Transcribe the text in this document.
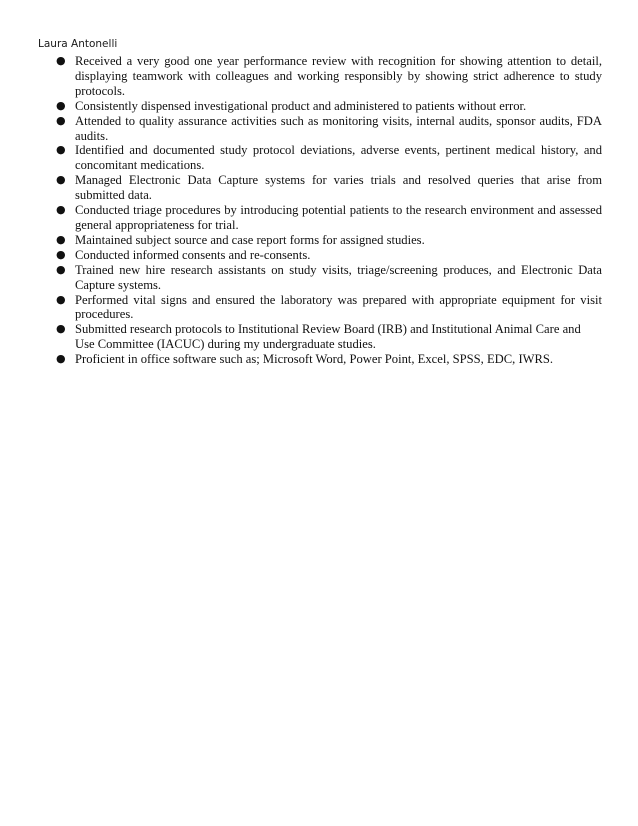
Laura Antonelli
● Received a very good one year performance review with recognition for showing attention to detail, displaying teamwork with colleagues and working responsibly by showing strict adherence to study protocols.
● Consistently dispensed investigational product and administered to patients without error.
● Attended to quality assurance activities such as monitoring visits, internal audits, sponsor audits, FDA audits.
● Identified and documented study protocol deviations, adverse events, pertinent medical history, and concomitant medications.
● Managed Electronic Data Capture systems for varies trials and resolved queries that arise from submitted data.
● Conducted triage procedures by introducing potential patients to the research environment and assessed general appropriateness for trial.
● Maintained subject source and case report forms for assigned studies.
● Conducted informed consents and re-consents.
● Trained new hire research assistants on study visits, triage/screening produces, and Electronic Data Capture systems.
● Performed vital signs and ensured the laboratory was prepared with appropriate equipment for visit procedures.
● Submitted research protocols to Institutional Review Board (IRB) and Institutional Animal Care and Use Committee (IACUC) during my undergraduate studies.
● Proficient in office software such as; Microsoft Word, Power Point, Excel, SPSS, EDC, IWRS.
